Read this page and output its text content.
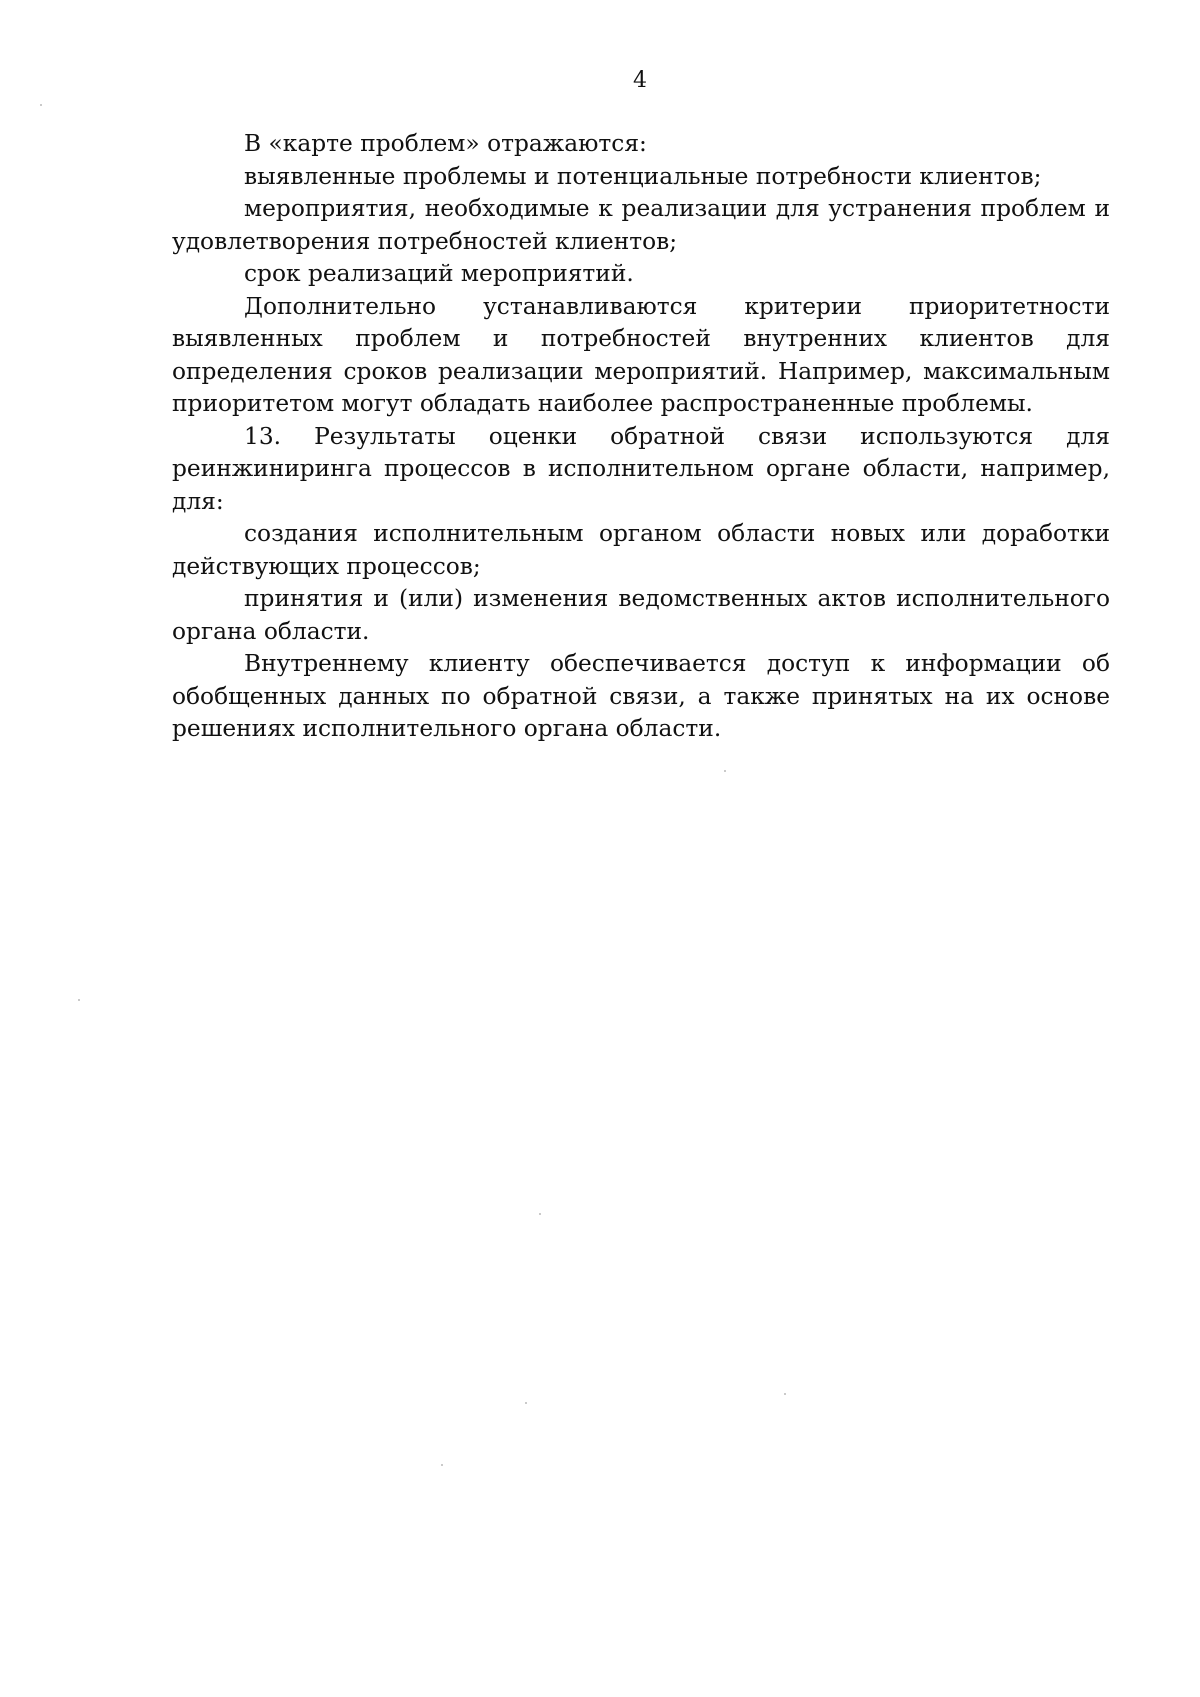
4

В «карте проблем» отражаются:

выявленные проблемы и потенциальные потребности клиентов;

мероприятия, необходимые к реализации для устранения проблем и удовлетворения потребностей клиентов;

срок реализаций мероприятий.

Дополнительно устанавливаются критерии приоритетности выявленных проблем и потребностей внутренних клиентов для определения сроков реализации мероприятий. Например, максимальным приоритетом могут обладать наиболее распространенные проблемы.

13. Результаты оценки обратной связи используются для реинжиниринга процессов в исполнительном органе области, например, для:

создания исполнительным органом области новых или доработки действующих процессов;

принятия и (или) изменения ведомственных актов исполнительного органа области.

Внутреннему клиенту обеспечивается доступ к информации об обобщенных данных по обратной связи, а также принятых на их основе решениях исполнительного органа области.
